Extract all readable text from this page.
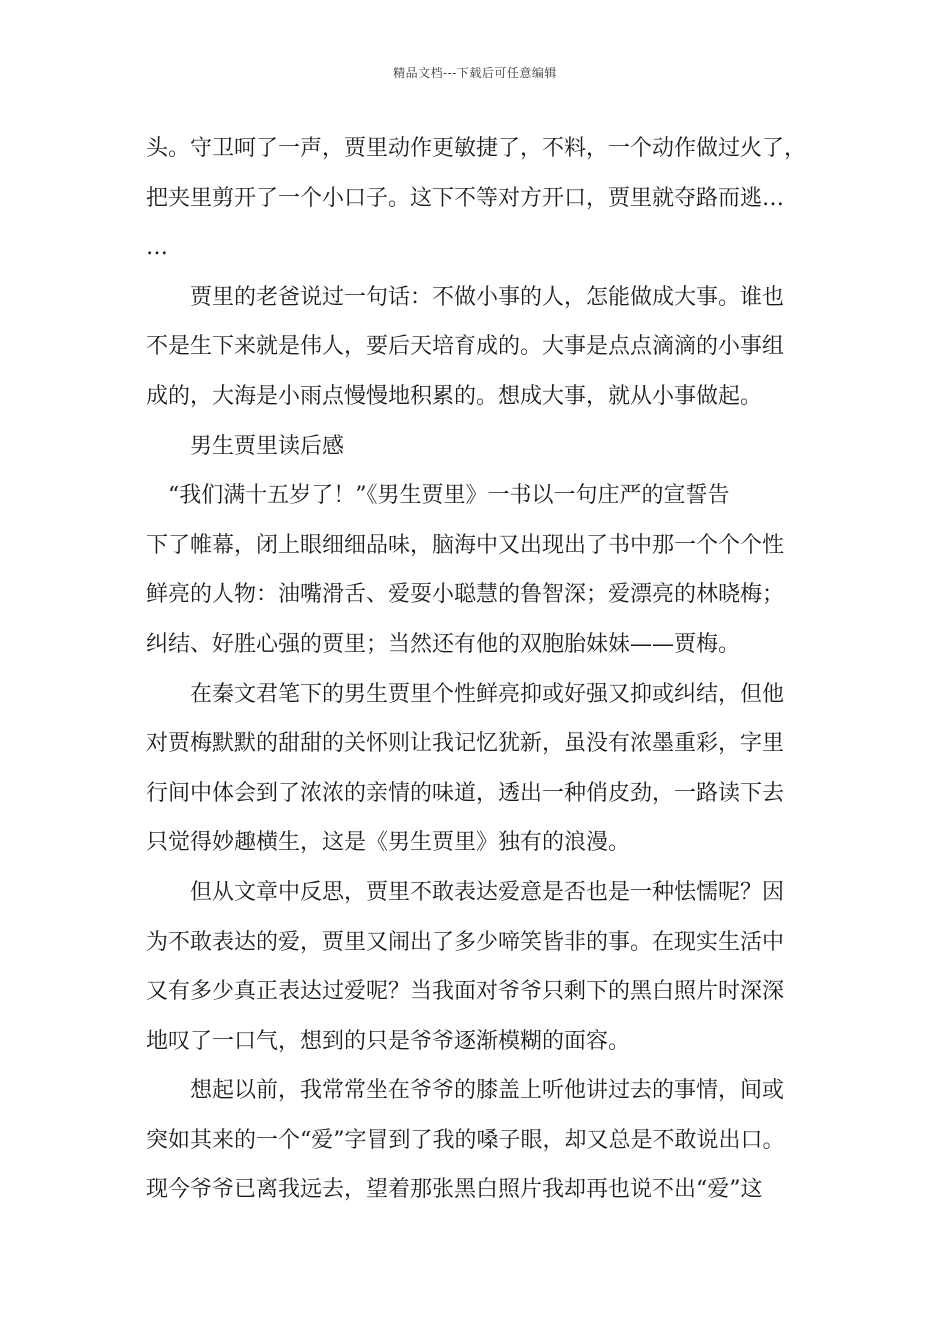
精品文档---下载后可任意编辑
头。守卫呵了一声，贾里动作更敏捷了，不料，一个动作做过火了，
把夹里剪开了一个小口子。这下不等对方开口，贾里就夺路而逃…
…
　　贾里的老爸说过一句话：不做小事的人，怎能做成大事。谁也
不是生下来就是伟人，要后天培育成的。大事是点点滴滴的小事组
成的，大海是小雨点慢慢地积累的。想成大事，就从小事做起。
　　男生贾里读后感
　“我们满十五岁了！”《男生贾里》一书以一句庄严的宣誓告
下了帷幕，闭上眼细细品味，脑海中又出现出了书中那一个个个性
鲜亮的人物：油嘴滑舌、爱耍小聪慧的鲁智深；爱漂亮的林晓梅；
纠结、好胜心强的贾里；当然还有他的双胞胎妹妹——贾梅。
　　在秦文君笔下的男生贾里个性鲜亮抑或好强又抑或纠结，但他
对贾梅默默的甜甜的关怀则让我记忆犹新，虽没有浓墨重彩，字里
行间中体会到了浓浓的亲情的味道，透出一种俏皮劲，一路读下去
只觉得妙趣横生，这是《男生贾里》独有的浪漫。
　　但从文章中反思，贾里不敢表达爱意是否也是一种怯懦呢？因
为不敢表达的爱，贾里又闹出了多少啼笑皆非的事。在现实生活中
又有多少真正表达过爱呢？当我面对爷爷只剩下的黑白照片时深深
地叹了一口气，想到的只是爷爷逐渐模糊的面容。
　　想起以前，我常常坐在爷爷的膝盖上听他讲过去的事情，间或
突如其来的一个“爱”字冒到了我的嗓子眼，却又总是不敢说出口。
现今爷爷已离我远去，望着那张黑白照片我却再也说不出“爱”这
